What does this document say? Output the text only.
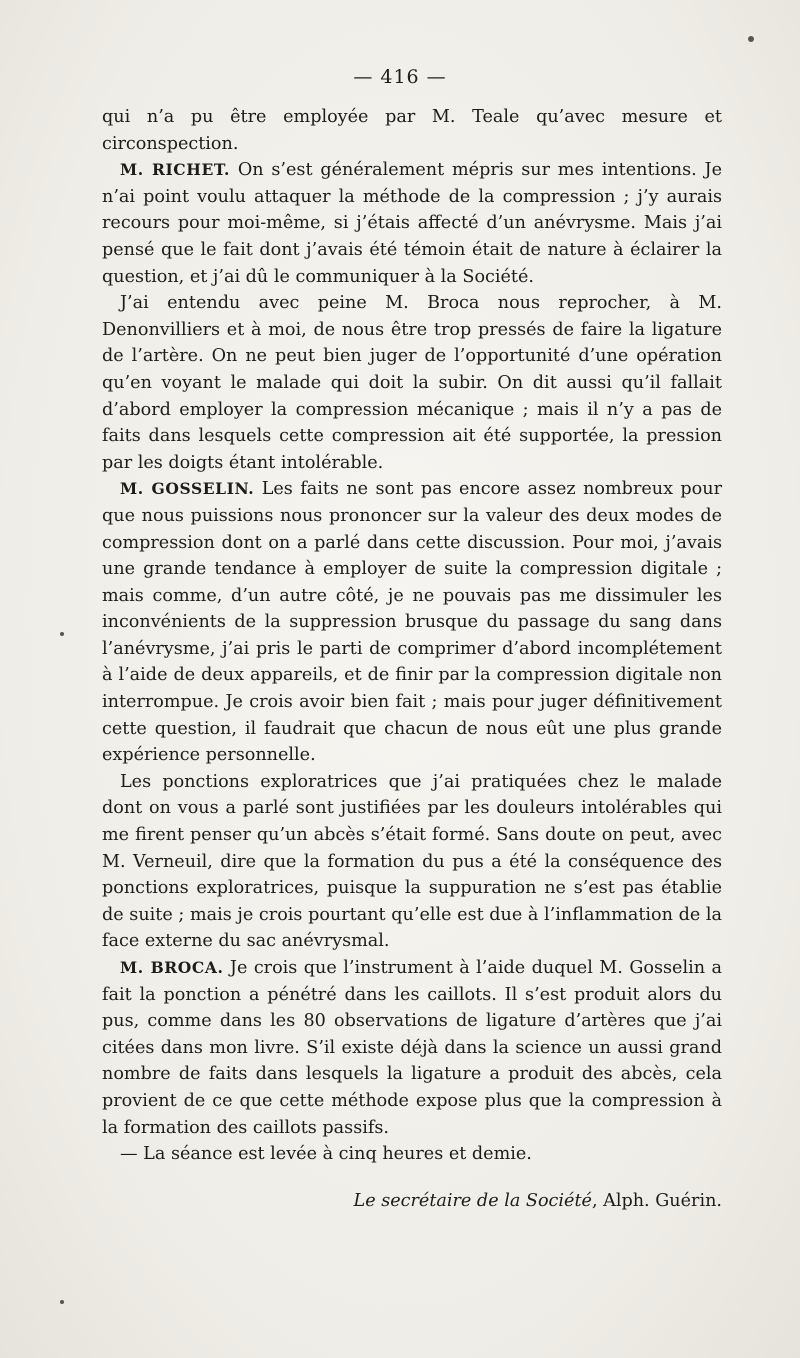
— 416 —

qui n’a pu être employée par M. Teale qu’avec mesure et circonspection.

M. RICHET. On s’est généralement mépris sur mes intentions. Je n’ai point voulu attaquer la méthode de la compression ; j’y aurais recours pour moi-même, si j’étais affecté d’un anévrysme. Mais j’ai pensé que le fait dont j’avais été témoin était de nature à éclairer la question, et j’ai dû le communiquer à la Société.

J’ai entendu avec peine M. Broca nous reprocher, à M. Denonvilliers et à moi, de nous être trop pressés de faire la ligature de l’artère. On ne peut bien juger de l’opportunité d’une opération qu’en voyant le malade qui doit la subir. On dit aussi qu’il fallait d’abord employer la compression mécanique ; mais il n’y a pas de faits dans lesquels cette compression ait été supportée, la pression par les doigts étant intolérable.

M. GOSSELIN. Les faits ne sont pas encore assez nombreux pour que nous puissions nous prononcer sur la valeur des deux modes de compression dont on a parlé dans cette discussion. Pour moi, j’avais une grande tendance à employer de suite la compression digitale ; mais comme, d’un autre côté, je ne pouvais pas me dissimuler les inconvénients de la suppression brusque du passage du sang dans l’anévrysme, j’ai pris le parti de comprimer d’abord incomplétement à l’aide de deux appareils, et de finir par la compression digitale non interrompue. Je crois avoir bien fait ; mais pour juger définitivement cette question, il faudrait que chacun de nous eût une plus grande expérience personnelle.

Les ponctions exploratrices que j’ai pratiquées chez le malade dont on vous a parlé sont justifiées par les douleurs intolérables qui me firent penser qu’un abcès s’était formé. Sans doute on peut, avec M. Verneuil, dire que la formation du pus a été la conséquence des ponctions exploratrices, puisque la suppuration ne s’est pas établie de suite ; mais je crois pourtant qu’elle est due à l’inflammation de la face externe du sac anévrysmal.

M. BROCA. Je crois que l’instrument à l’aide duquel M. Gosselin a fait la ponction a pénétré dans les caillots. Il s’est produit alors du pus, comme dans les 80 observations de ligature d’artères que j’ai citées dans mon livre. S’il existe déjà dans la science un aussi grand nombre de faits dans lesquels la ligature a produit des abcès, cela provient de ce que cette méthode expose plus que la compression à la formation des caillots passifs.

— La séance est levée à cinq heures et demie.

Le secrétaire de la Société, Alph. Guérin.
